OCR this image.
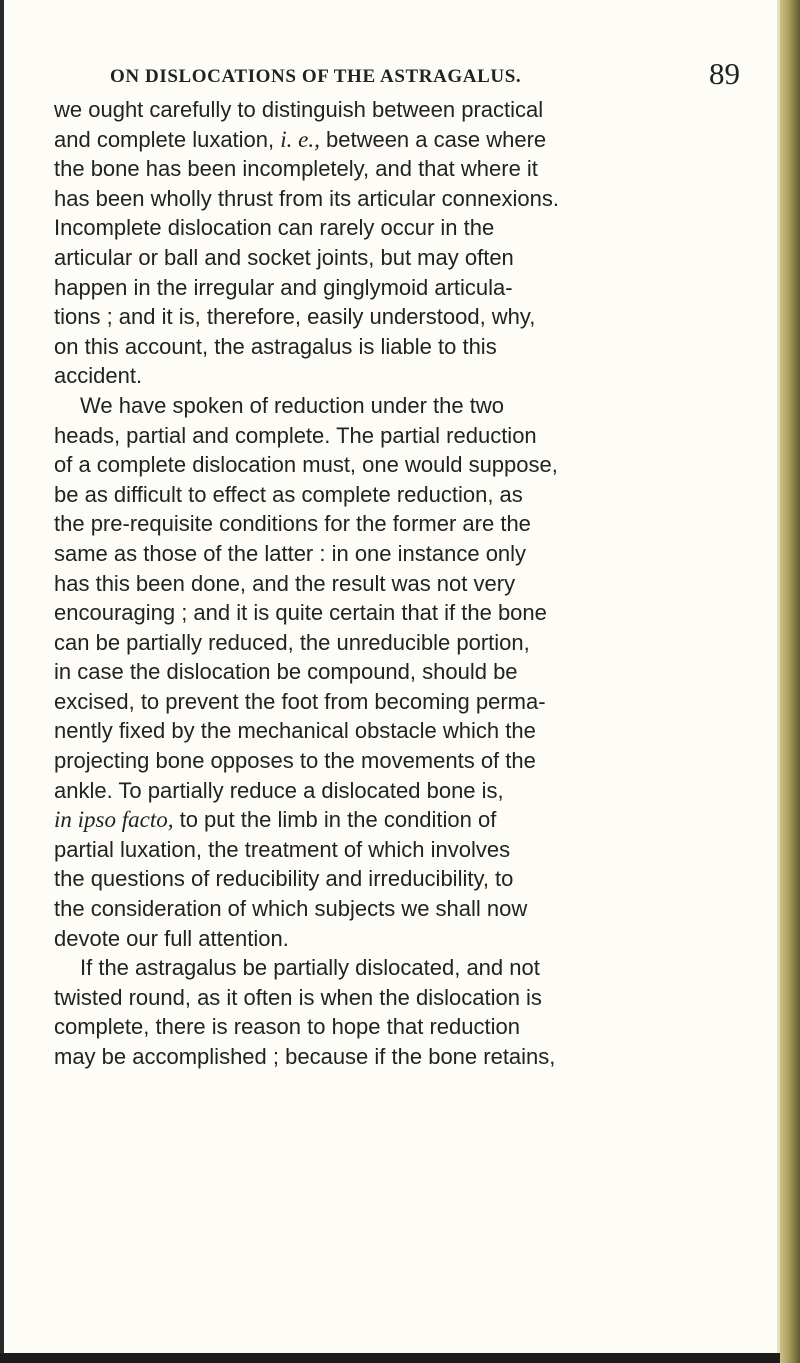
ON DISLOCATIONS OF THE ASTRAGALUS.	89
we ought carefully to distinguish between practical
and complete luxation, i. e., between a case where
the bone has been incompletely, and that where it
has been wholly thrust from its articular connexions.
Incomplete dislocation can rarely occur in the
articular or ball and socket joints, but may often
happen in the irregular and ginglymoid articula-
tions ; and it is, therefore, easily understood, why,
on this account, the astragalus is liable to this
accident.
We have spoken of reduction under the two
heads, partial and complete. The partial reduction
of a complete dislocation must, one would suppose,
be as difficult to effect as complete reduction, as
the pre-requisite conditions for the former are the
same as those of the latter : in one instance only
has this been done, and the result was not very
encouraging ; and it is quite certain that if the bone
can be partially reduced, the unreducible portion,
in case the dislocation be compound, should be
excised, to prevent the foot from becoming perma-
nently fixed by the mechanical obstacle which the
projecting bone opposes to the movements of the
ankle. To partially reduce a dislocated bone is,
in ipso facto, to put the limb in the condition of
partial luxation, the treatment of which involves
the questions of reducibility and irreducibility, to
the consideration of which subjects we shall now
devote our full attention.
If the astragalus be partially dislocated, and not
twisted round, as it often is when the dislocation is
complete, there is reason to hope that reduction
may be accomplished ; because if the bone retains,
